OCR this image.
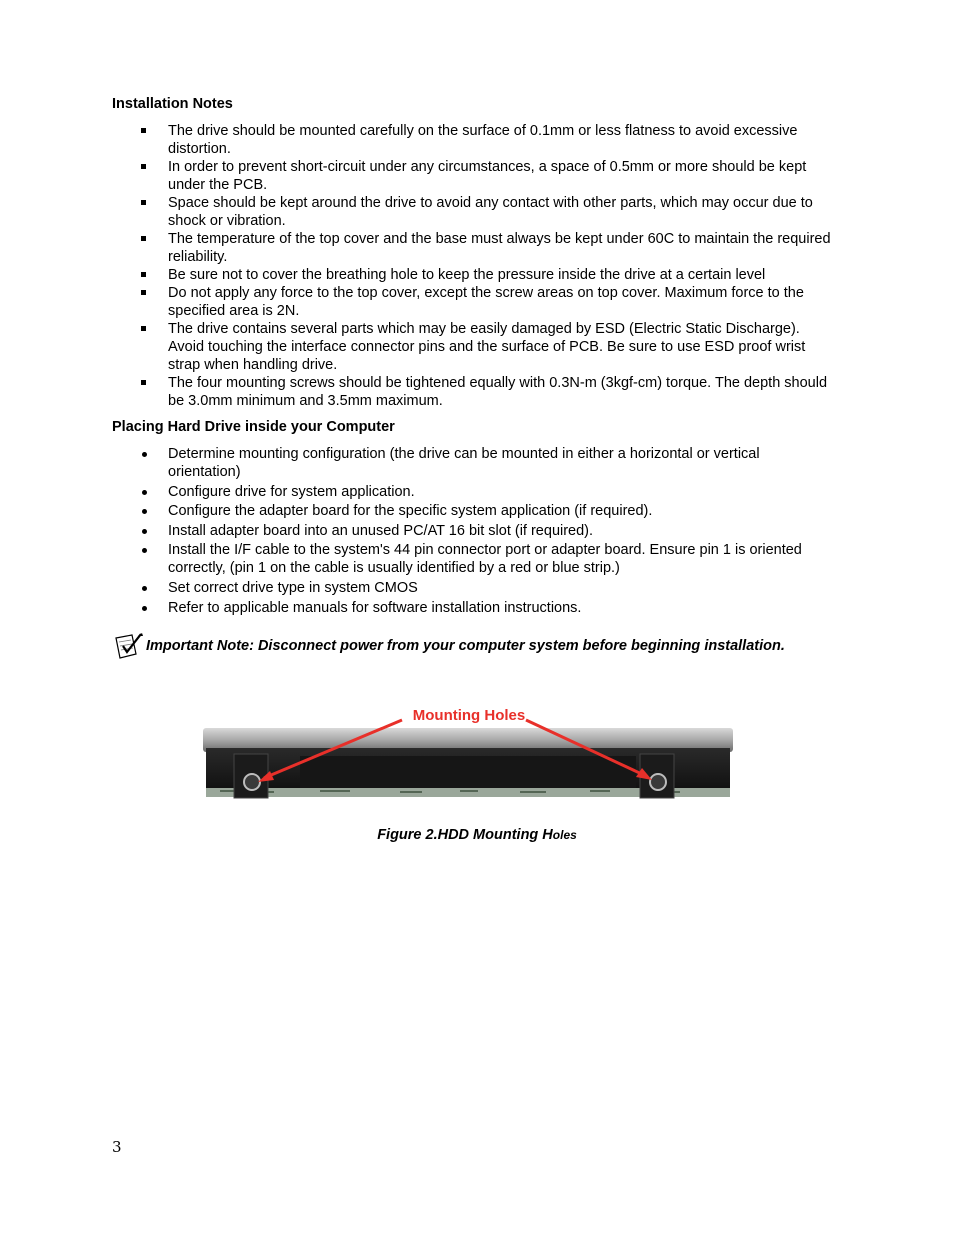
Installation Notes
The drive should be mounted carefully on the surface of 0.1mm or less flatness to avoid excessive distortion.
In order to prevent short-circuit under any circumstances, a space of 0.5mm or more should be kept under the PCB.
Space should be kept around the drive to avoid any contact with other parts, which may occur due to shock or vibration.
The temperature of the top cover and the base must always be kept under 60C to maintain the required reliability.
Be sure not to cover the breathing hole to keep the pressure inside the drive at a certain level
Do not apply any force to the top cover, except the screw areas on top cover. Maximum force to the specified area is 2N.
The drive contains several parts which may be easily damaged by ESD (Electric Static Discharge). Avoid touching the interface connector pins and the surface of PCB. Be sure to use ESD proof wrist strap when handling drive.
The four mounting screws should be tightened equally with 0.3N-m (3kgf-cm) torque. The depth should be 3.0mm minimum and 3.5mm maximum.
Placing Hard Drive inside your Computer
Determine mounting configuration (the drive can be mounted in either a horizontal or vertical orientation)
Configure drive for system application.
Configure the adapter board for the specific system application (if required).
Install adapter board into an unused PC/AT 16 bit slot (if required).
Install the I/F cable to the system's 44 pin connector port or adapter board. Ensure pin 1 is oriented correctly, (pin 1 on the cable is usually identified by a red or blue strip.)
Set correct drive type in system CMOS
Refer to applicable manuals for software installation instructions.
Important Note: Disconnect power from your computer system before beginning installation.
Mounting Holes
Figure 2.HDD Mounting Holes
3
